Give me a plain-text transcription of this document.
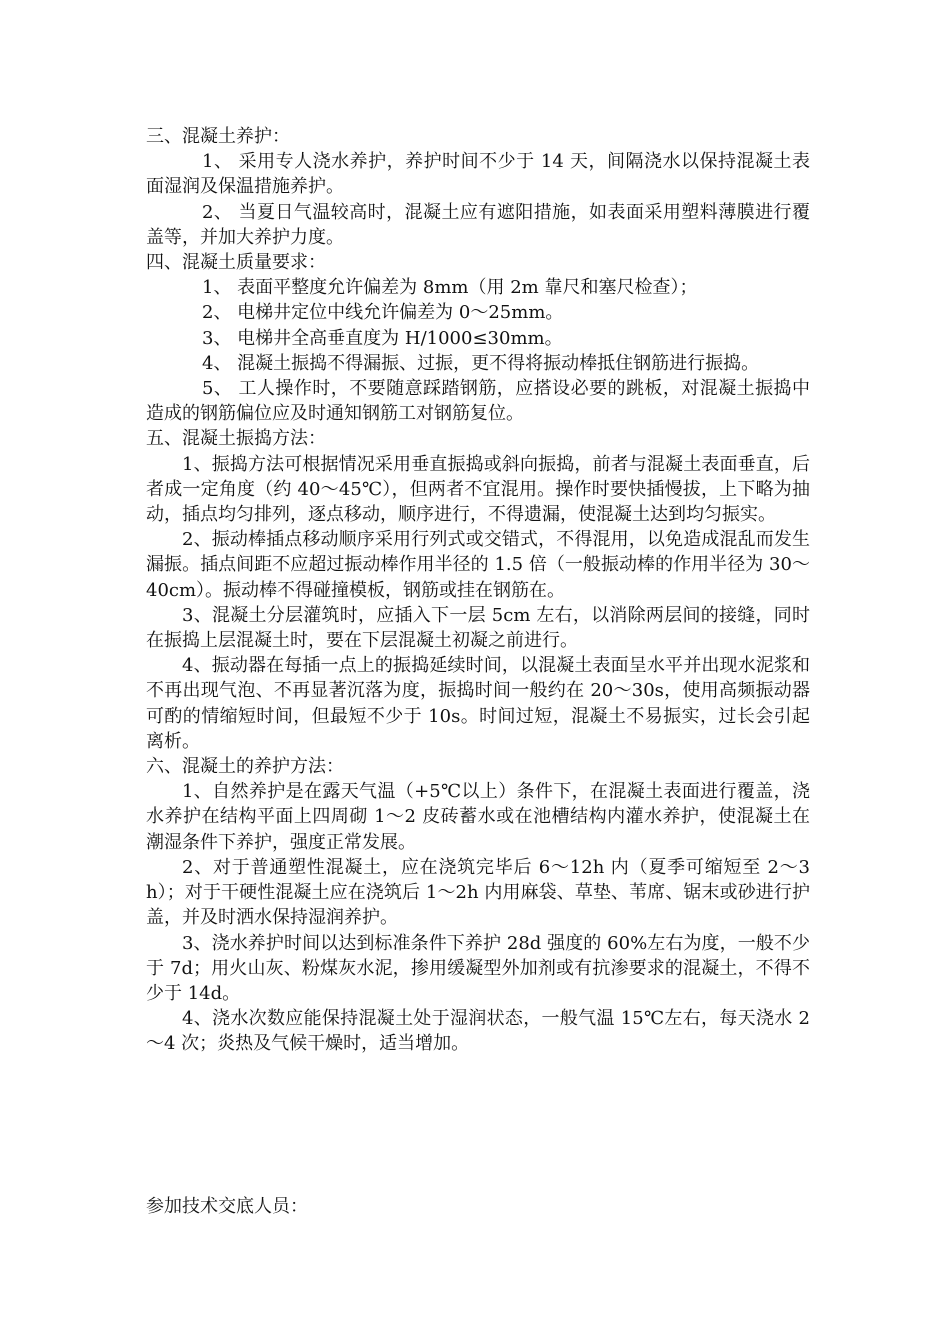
三、混凝土养护：

1、 采用专人浇水养护，养护时间不少于 14 天，间隔浇水以保持混凝土表面湿润及保温措施养护。

2、 当夏日气温较高时，混凝土应有遮阳措施，如表面采用塑料薄膜进行覆盖等，并加大养护力度。

四、混凝土质量要求：

1、 表面平整度允许偏差为 8mm（用 2m 靠尺和塞尺检查）；

2、 电梯井定位中线允许偏差为 0～25mm。

3、 电梯井全高垂直度为 H/1000≤30mm。

4、 混凝土振捣不得漏振、过振，更不得将振动棒抵住钢筋进行振捣。

5、 工人操作时，不要随意踩踏钢筋，应搭设必要的跳板，对混凝土振捣中造成的钢筋偏位应及时通知钢筋工对钢筋复位。

五、混凝土振捣方法：

1、振捣方法可根据情况采用垂直振捣或斜向振捣，前者与混凝土表面垂直，后者成一定角度（约 40～45℃），但两者不宜混用。操作时要快插慢拔，上下略为抽动，插点均匀排列，逐点移动，顺序进行，不得遗漏，使混凝土达到均匀振实。

2、振动棒插点移动顺序采用行列式或交错式，不得混用，以免造成混乱而发生漏振。插点间距不应超过振动棒作用半径的 1.5 倍（一般振动棒的作用半径为 30～40cm）。振动棒不得碰撞模板，钢筋或挂在钢筋在。

3、混凝土分层灌筑时，应插入下一层 5cm 左右，以消除两层间的接缝，同时在振捣上层混凝土时，要在下层混凝土初凝之前进行。

4、振动器在每插一点上的振捣延续时间，以混凝土表面呈水平并出现水泥浆和不再出现气泡、不再显著沉落为度，振捣时间一般约在 20～30s，使用高频振动器可酌的情缩短时间，但最短不少于 10s。时间过短，混凝土不易振实，过长会引起离析。

六、混凝土的养护方法：

1、自然养护是在露天气温（+5℃以上）条件下，在混凝土表面进行覆盖，浇水养护在结构平面上四周砌 1～2 皮砖蓄水或在池槽结构内灌水养护，使混凝土在潮湿条件下养护，强度正常发展。

2、对于普通塑性混凝土，应在浇筑完毕后 6～12h 内（夏季可缩短至 2～3h）；对于干硬性混凝土应在浇筑后 1～2h 内用麻袋、草垫、苇席、锯末或砂进行护盖，并及时洒水保持湿润养护。

3、浇水养护时间以达到标准条件下养护 28d 强度的 60%左右为度，一般不少于 7d；用火山灰、粉煤灰水泥，掺用缓凝型外加剂或有抗渗要求的混凝土，不得不少于 14d。

4、浇水次数应能保持混凝土处于湿润状态，一般气温 15℃左右，每天浇水 2～4 次；炎热及气候干燥时，适当增加。

参加技术交底人员：
